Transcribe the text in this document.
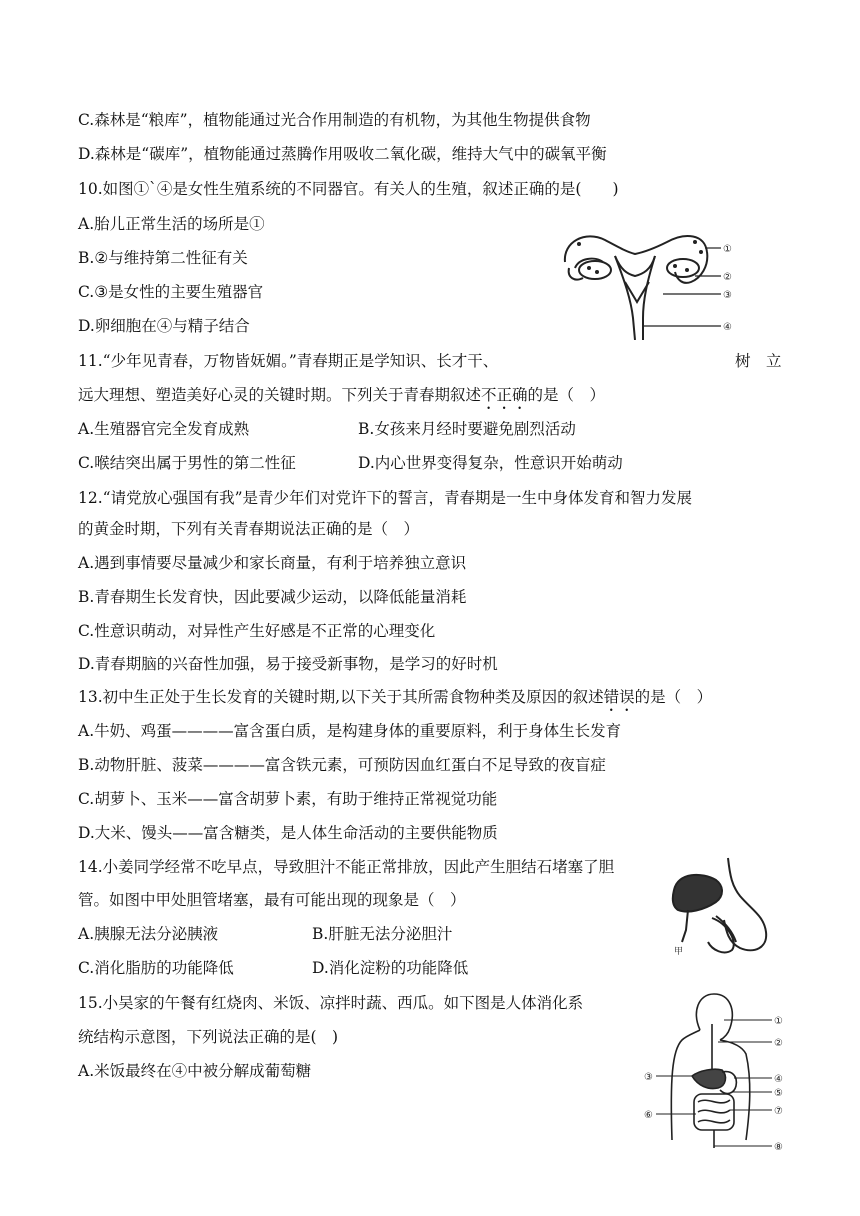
C.森林是“粮库”，植物能通过光合作用制造的有机物，为其他生物提供食物
D.森林是“碳库”，植物能通过蒸腾作用吸收二氧化碳，维持大气中的碳氧平衡
10.如图①`④是女性生殖系统的不同器官。有关人的生殖，叙述正确的是(　　)
A.胎儿正常生活的场所是①
B.②与维持第二性征有关
C.③是女性的主要生殖器官
D.卵细胞在④与精子结合
①
②
③
④
11.“少年见青春，万物皆妩媚。”青春期正是学知识、长才干、	树 立
远大理想、塑造美好心灵的关键时期。下列关于青春期叙述不正确的是（　）
A.生殖器官完全发育成熟	B.女孩来月经时要避免剧烈活动
C.喉结突出属于男性的第二性征	D.内心世界变得复杂，性意识开始萌动
12.“请党放心强国有我”是青少年们对党许下的誓言，青春期是一生中身体发育和智力发展
的黄金时期，下列有关青春期说法正确的是（　）
A.遇到事情要尽量减少和家长商量，有利于培养独立意识
B.青春期生长发育快，因此要减少运动，以降低能量消耗
C.性意识萌动，对异性产生好感是不正常的心理变化
D.青春期脑的兴奋性加强，易于接受新事物，是学习的好时机
13.初中生正处于生长发育的关键时期,以下关于其所需食物种类及原因的叙述错误的是（　）
A.牛奶、鸡蛋————富含蛋白质，是构建身体的重要原料，利于身体生长发育
B.动物肝脏、菠菜————富含铁元素，可预防因血红蛋白不足导致的夜盲症
C.胡萝卜、玉米——富含胡萝卜素，有助于维持正常视觉功能
D.大米、馒头——富含糖类，是人体生命活动的主要供能物质
14.小姜同学经常不吃早点，导致胆汁不能正常排放，因此产生胆结石堵塞了胆
管。如图中甲处胆管堵塞，最有可能出现的现象是（　）
A.胰腺无法分泌胰液	B.肝脏无法分泌胆汁
C.消化脂肪的功能降低	D.消化淀粉的功能降低
甲
15.小吴家的午餐有红烧肉、米饭、凉拌时蔬、西瓜。如下图是人体消化系
统结构示意图，下列说法正确的是(　)
A.米饭最终在④中被分解成葡萄糖
①
②
③	④
⑤
⑥	⑦
⑧
